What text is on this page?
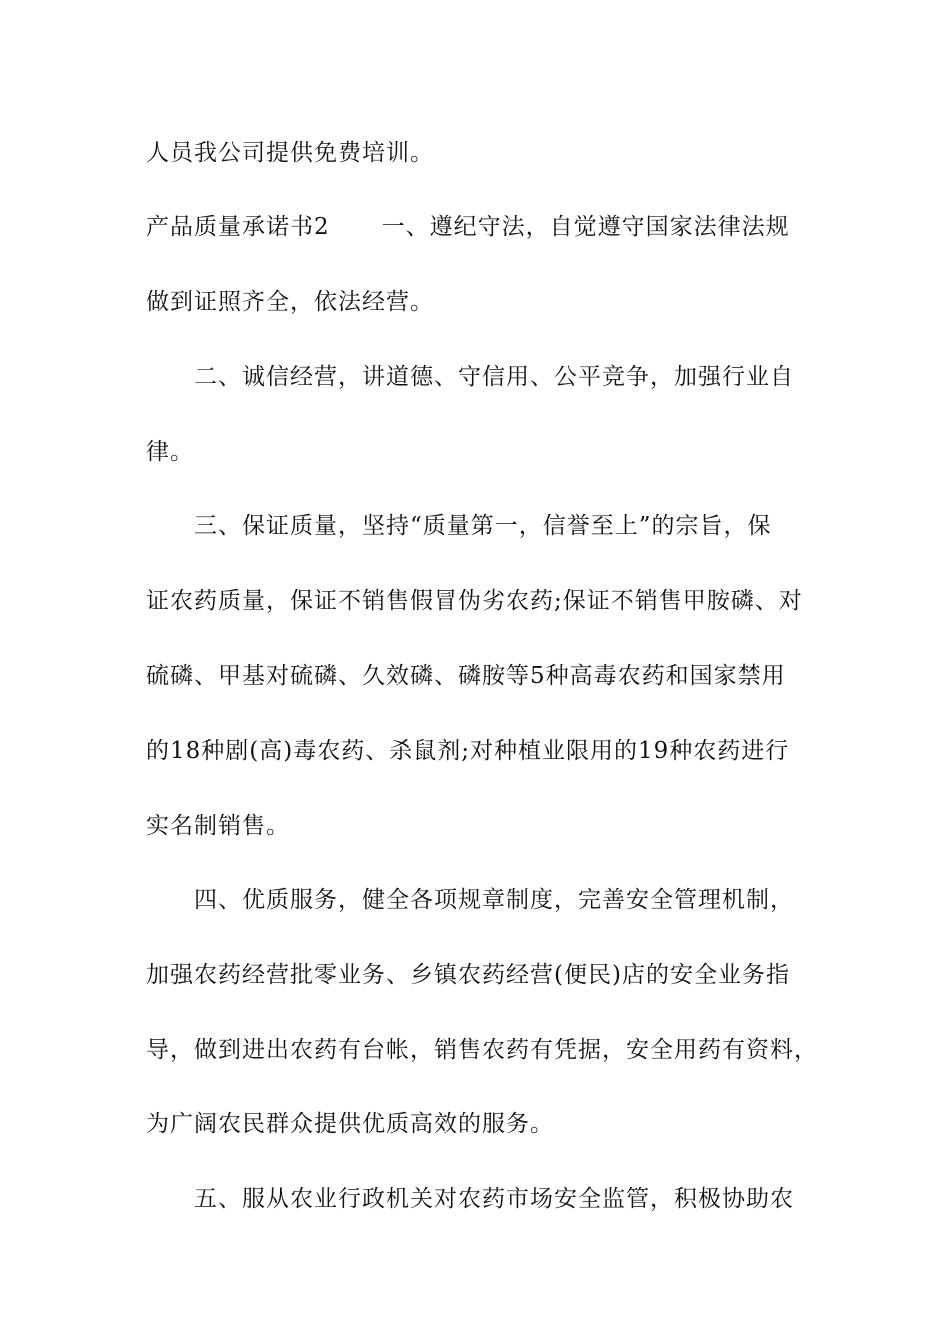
人员我公司提供免费培训。
产品质量承诺书2 一、遵纪守法，自觉遵守国家法律法规
做到证照齐全，依法经营。
二、诚信经营，讲道德、守信用、公平竞争，加强行业自
律。
三、保证质量，坚持“质量第一，信誉至上”的宗旨，保
证农药质量，保证不销售假冒伪劣农药;保证不销售甲胺磷、对
硫磷、甲基对硫磷、久效磷、磷胺等5种高毒农药和国家禁用
的18种剧(高)毒农药、杀鼠剂;对种植业限用的19种农药进行
实名制销售。
四、优质服务，健全各项规章制度，完善安全管理机制，
加强农药经营批零业务、乡镇农药经营(便民)店的安全业务指
导，做到进出农药有台帐，销售农药有凭据，安全用药有资料，
为广阔农民群众提供优质高效的服务。
五、服从农业行政机关对农药市场安全监管，积极协助农
